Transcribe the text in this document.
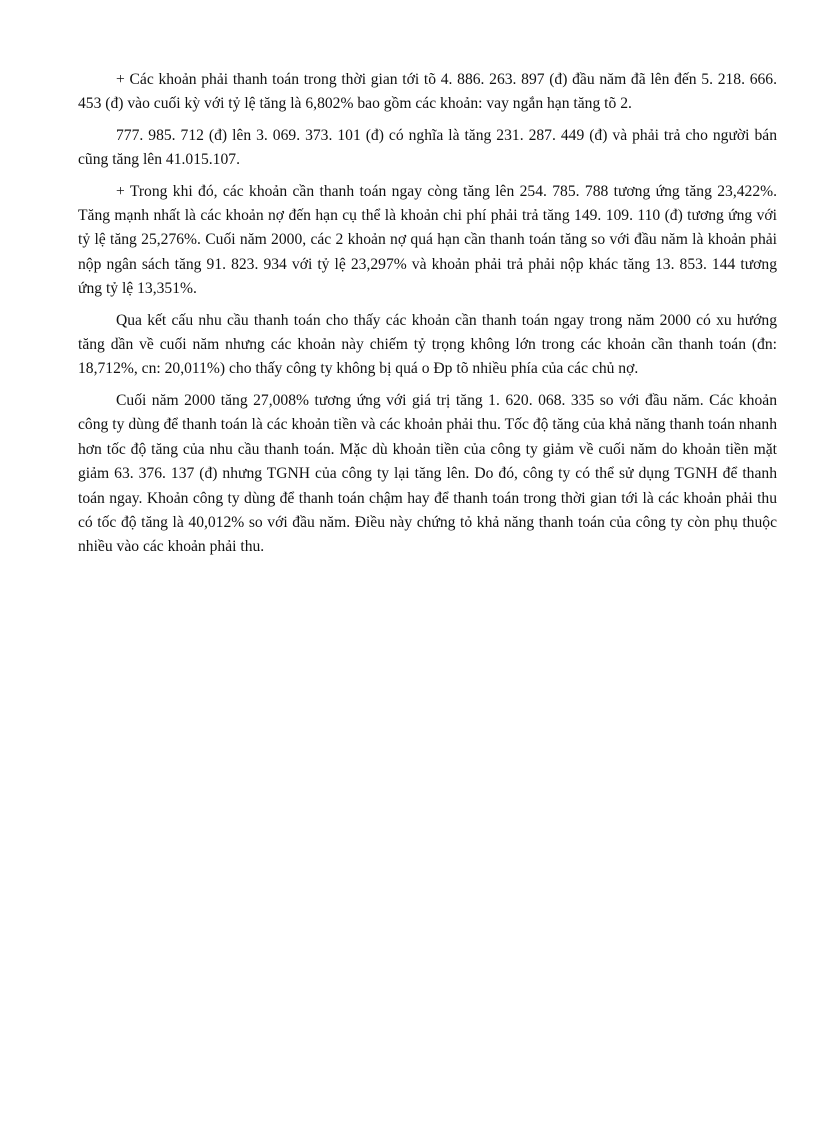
+ Các khoản phải thanh toán trong thời gian tới tõ 4. 886. 263. 897 (đ) đầu năm đã lên đến 5. 218. 666. 453 (đ) vào cuối kỳ với tỷ lệ tăng là 6,802% bao gồm các khoản: vay ngắn hạn tăng tõ 2.

777. 985. 712 (đ) lên 3. 069. 373. 101 (đ) có nghĩa là tăng 231. 287. 449 (đ) và phải trả cho người bán cũng tăng lên 41.015.107.

+ Trong khi đó, các khoản cần thanh toán ngay còng tăng lên 254. 785. 788 tương ứng tăng 23,422%. Tăng mạnh nhất là các khoản nợ đến hạn cụ thể là khoản chi phí phải trả tăng 149. 109. 110 (đ) tương ứng với tỷ lệ tăng 25,276%. Cuối năm 2000, các 2 khoản nợ quá hạn cần thanh toán tăng so với đầu năm là khoản phải nộp ngân sách tăng 91. 823. 934 với tỷ lệ 23,297% và khoản phải trả phải nộp khác tăng 13. 853. 144 tương ứng tỷ lệ 13,351%.

Qua kết cấu nhu cầu thanh toán cho thấy các khoản cần thanh toán ngay trong năm 2000 có xu hướng tăng dần về cuối năm nhưng các khoản này chiếm tỷ trọng không lớn trong các khoản cần thanh toán (đn: 18,712%, cn: 20,011%) cho thấy công ty không bị quá o Đp tõ nhiều phía của các chủ nợ.

Cuối năm 2000 tăng 27,008% tương ứng với giá trị tăng 1. 620. 068. 335 so với đầu năm. Các khoản công ty dùng để thanh toán là các khoản tiền và các khoản phải thu. Tốc độ tăng của khả năng thanh toán nhanh hơn tốc độ tăng của nhu cầu thanh toán. Mặc dù khoản tiền của công ty giảm về cuối năm do khoản tiền mặt giảm 63. 376. 137 (đ) nhưng TGNH của công ty lại tăng lên. Do đó, công ty có thể sử dụng TGNH để thanh toán ngay. Khoản công ty dùng để thanh toán chậm hay để thanh toán trong thời gian tới là các khoản phải thu có tốc độ tăng là 40,012% so với đầu năm. Điều này chứng tỏ khả năng thanh toán của công ty còn phụ thuộc nhiều vào các khoản phải thu.
